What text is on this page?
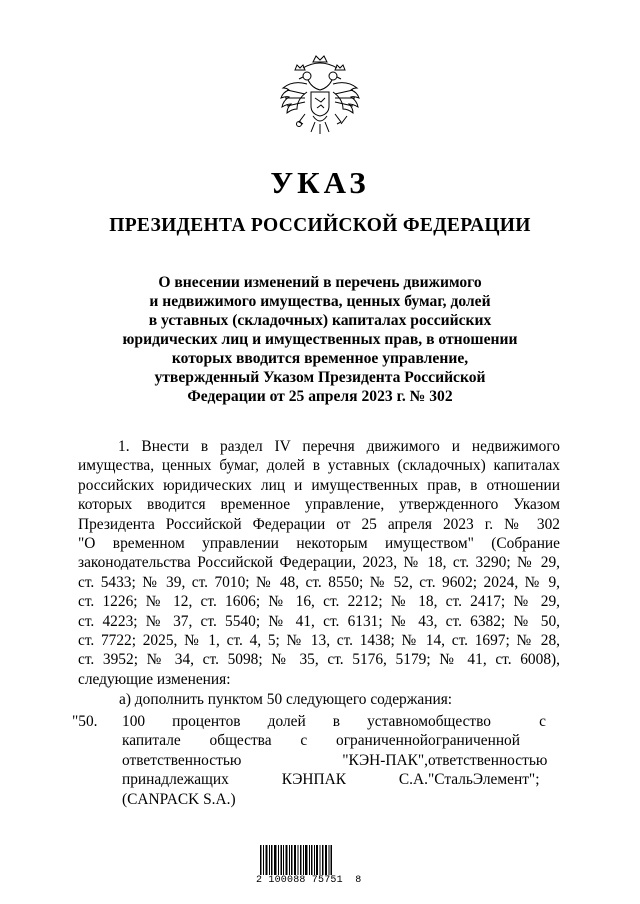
УКАЗ
ПРЕЗИДЕНТА РОССИЙСКОЙ ФЕДЕРАЦИИ
О внесении изменений в перечень движимого
и недвижимого имущества, ценных бумаг, долей
в уставных (складочных) капиталах российских
юридических лиц и имущественных прав, в отношении
которых вводится временное управление,
утвержденный Указом Президента Российской
Федерации от 25 апреля 2023 г. № 302
1. Внести в раздел IV перечня движимого и недвижимого
имущества, ценных бумаг, долей в уставных (складочных) капиталах
российских юридических лиц и имущественных прав, в отношении
которых вводится временное управление, утвержденного Указом
Президента Российской Федерации от 25 апреля 2023 г. № 302
"О временном управлении некоторым имуществом" (Собрание
законодательства Российской Федерации, 2023, № 18, ст. 3290; № 29,
ст. 5433; № 39, ст. 7010; № 48, ст. 8550; № 52, ст. 9602; 2024, № 9,
ст. 1226; № 12, ст. 1606; № 16, ст. 2212; № 18, ст. 2417; № 29,
ст. 4223; № 37, ст. 5540; № 41, ст. 6131; № 43, ст. 6382; № 50,
ст. 7722; 2025, № 1, ст. 4, 5; № 13, ст. 1438; № 14, ст. 1697; № 28,
ст. 3952; № 34, ст. 5098; № 35, ст. 5176, 5179; № 41, ст. 6008),
следующие изменения:
а) дополнить пунктом 50 следующего содержания:
"50. 100 процентов долей в уставном
капитале общества с ограниченной
ответственностью "КЭН-ПАК",
принадлежащих КЭНПАК С.А.
(CANPACK S.A.)
общество с
ограниченной
ответственностью
"СтальЭлемент";
2 100088 75751  8
